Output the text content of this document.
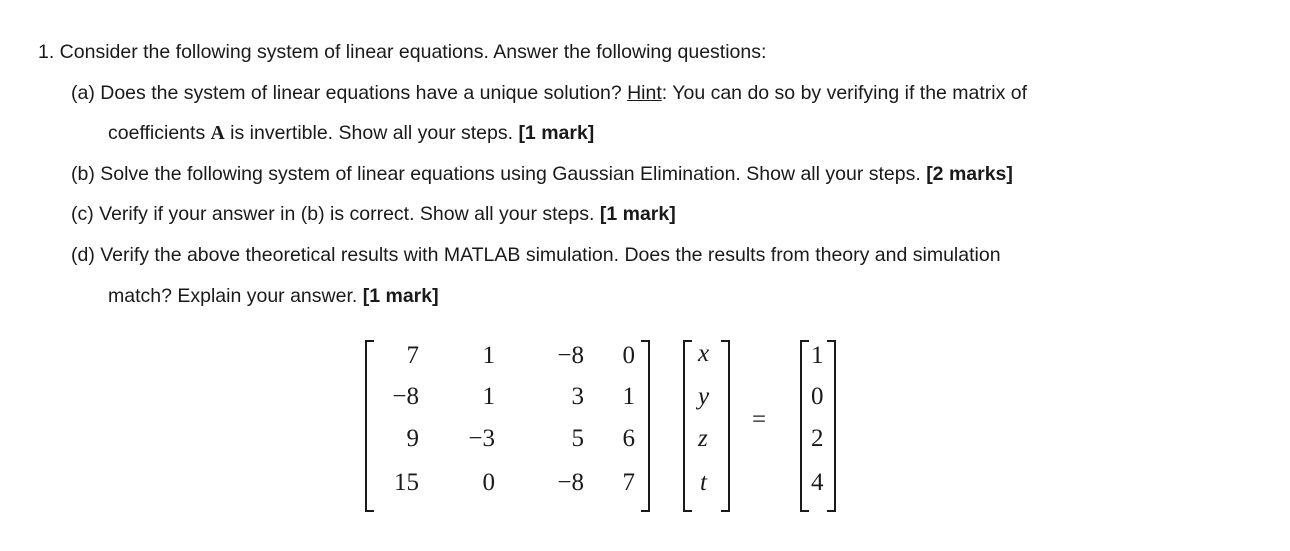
1. Consider the following system of linear equations. Answer the following questions:
(a) Does the system of linear equations have a unique solution? Hint: You can do so by verifying if the matrix of
coefficients A is invertible. Show all your steps. [1 mark]
(b) Solve the following system of linear equations using Gaussian Elimination. Show all your steps. [2 marks]
(c) Verify if your answer in (b) is correct. Show all your steps. [1 mark]
(d) Verify the above theoretical results with MATLAB simulation. Does the results from theory and simulation
match? Explain your answer. [1 mark]
7	1 −8 0
−8	1	3 1
9 −3	5 6
15	0 −8 7
x
y
z
t
=
1
0
2
4
